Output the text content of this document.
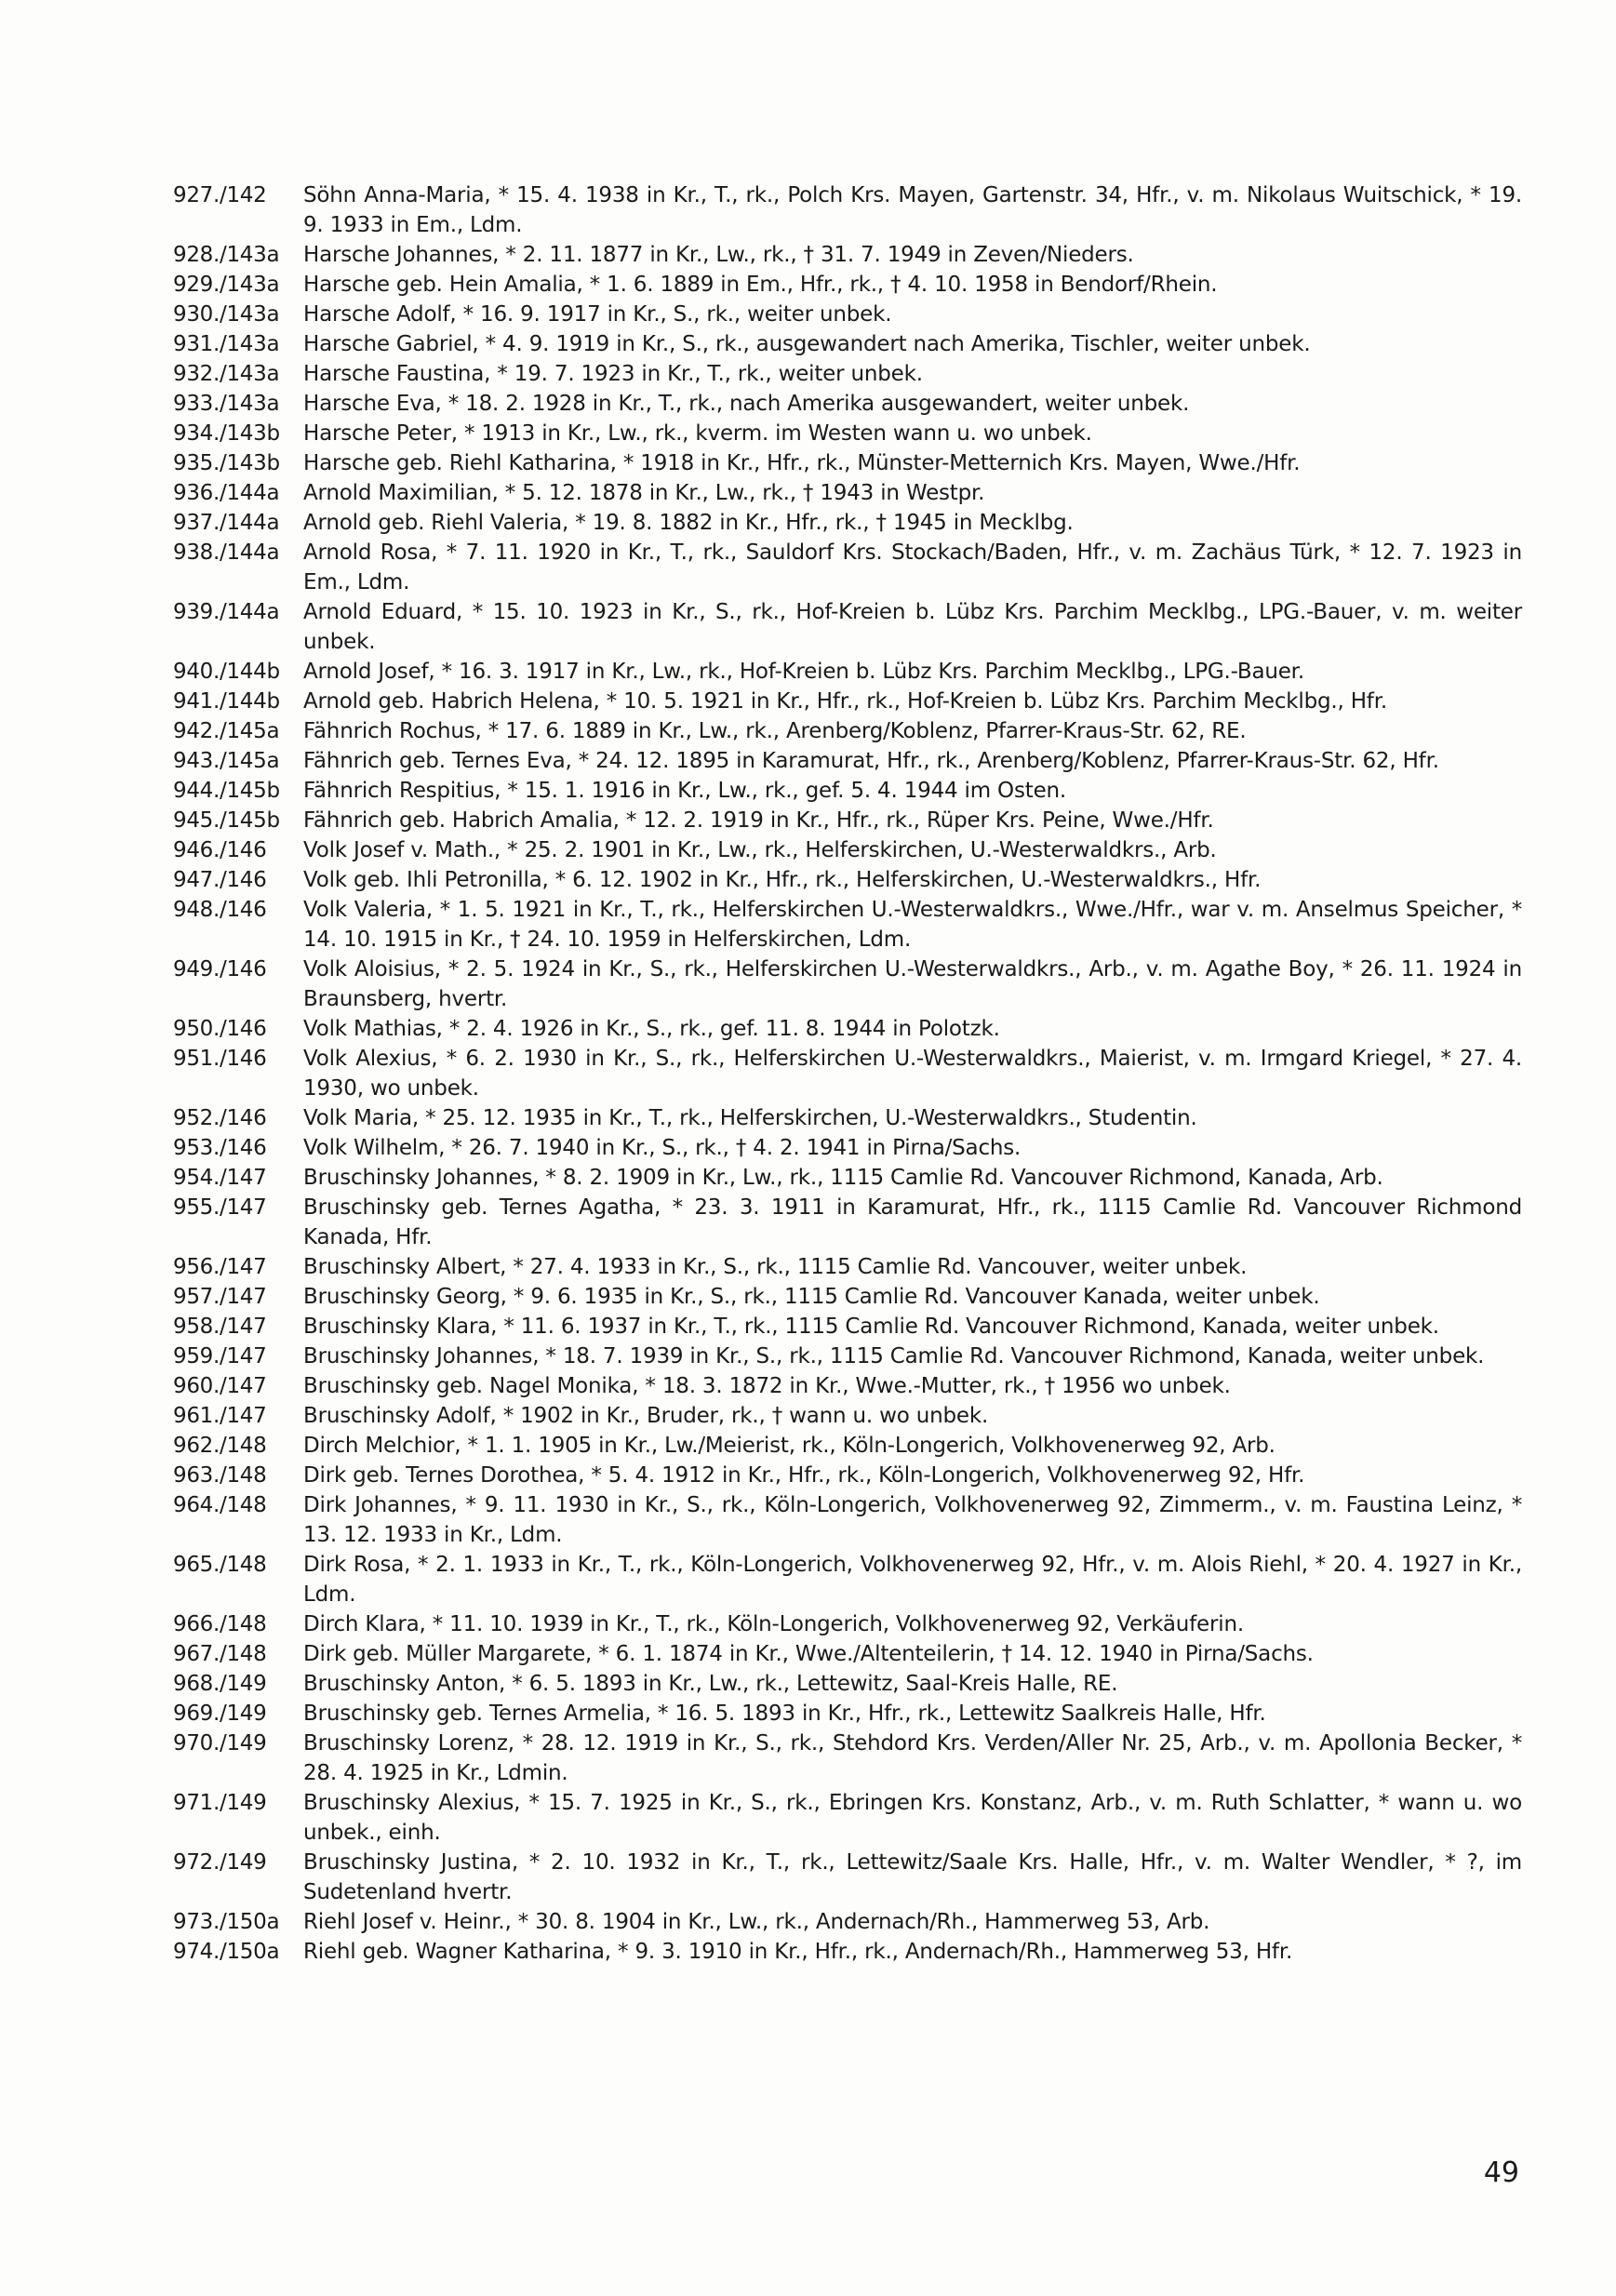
927./142	Söhn Anna-Maria, * 15. 4. 1938 in Kr., T., rk., Polch Krs. Mayen, Gartenstr. 34, Hfr., v. m. Nikolaus Wuitschick, * 19. 9. 1933 in Em., Ldm.
928./143a	Harsche Johannes, * 2. 11. 1877 in Kr., Lw., rk., † 31. 7. 1949 in Zeven/Nieders.
929./143a	Harsche geb. Hein Amalia, * 1. 6. 1889 in Em., Hfr., rk., † 4. 10. 1958 in Bendorf/Rhein.
930./143a	Harsche Adolf, * 16. 9. 1917 in Kr., S., rk., weiter unbek.
931./143a	Harsche Gabriel, * 4. 9. 1919 in Kr., S., rk., ausgewandert nach Amerika, Tischler, weiter unbek.
932./143a	Harsche Faustina, * 19. 7. 1923 in Kr., T., rk., weiter unbek.
933./143a	Harsche Eva, * 18. 2. 1928 in Kr., T., rk., nach Amerika ausgewandert, weiter unbek.
934./143b	Harsche Peter, * 1913 in Kr., Lw., rk., kverm. im Westen wann u. wo unbek.
935./143b	Harsche geb. Riehl Katharina, * 1918 in Kr., Hfr., rk., Münster-Metternich Krs. Mayen, Wwe./Hfr.
936./144a	Arnold Maximilian, * 5. 12. 1878 in Kr., Lw., rk., † 1943 in Westpr.
937./144a	Arnold geb. Riehl Valeria, * 19. 8. 1882 in Kr., Hfr., rk., † 1945 in Mecklbg.
938./144a	Arnold Rosa, * 7. 11. 1920 in Kr., T., rk., Sauldorf Krs. Stockach/Baden, Hfr., v. m. Zachäus Türk, * 12. 7. 1923 in Em., Ldm.
939./144a	Arnold Eduard, * 15. 10. 1923 in Kr., S., rk., Hof-Kreien b. Lübz Krs. Parchim Mecklbg., LPG.-Bauer, v. m. weiter unbek.
940./144b	Arnold Josef, * 16. 3. 1917 in Kr., Lw., rk., Hof-Kreien b. Lübz Krs. Parchim Mecklbg., LPG.-Bauer.
941./144b	Arnold geb. Habrich Helena, * 10. 5. 1921 in Kr., Hfr., rk., Hof-Kreien b. Lübz Krs. Parchim Mecklbg., Hfr.
942./145a	Fähnrich Rochus, * 17. 6. 1889 in Kr., Lw., rk., Arenberg/Koblenz, Pfarrer-Kraus-Str. 62, RE.
943./145a	Fähnrich geb. Ternes Eva, * 24. 12. 1895 in Karamurat, Hfr., rk., Arenberg/Koblenz, Pfarrer-Kraus-Str. 62, Hfr.
944./145b	Fähnrich Respitius, * 15. 1. 1916 in Kr., Lw., rk., gef. 5. 4. 1944 im Osten.
945./145b	Fähnrich geb. Habrich Amalia, * 12. 2. 1919 in Kr., Hfr., rk., Rüper Krs. Peine, Wwe./Hfr.
946./146	Volk Josef v. Math., * 25. 2. 1901 in Kr., Lw., rk., Helferskirchen, U.-Westerwaldkrs., Arb.
947./146	Volk geb. Ihli Petronilla, * 6. 12. 1902 in Kr., Hfr., rk., Helferskirchen, U.-Westerwaldkrs., Hfr.
948./146	Volk Valeria, * 1. 5. 1921 in Kr., T., rk., Helferskirchen U.-Westerwaldkrs., Wwe./Hfr., war v. m. Anselmus Speicher, * 14. 10. 1915 in Kr., † 24. 10. 1959 in Helferskirchen, Ldm.
949./146	Volk Aloisius, * 2. 5. 1924 in Kr., S., rk., Helferskirchen U.-Westerwaldkrs., Arb., v. m. Agathe Boy, * 26. 11. 1924 in Braunsberg, hvertr.
950./146	Volk Mathias, * 2. 4. 1926 in Kr., S., rk., gef. 11. 8. 1944 in Polotzk.
951./146	Volk Alexius, * 6. 2. 1930 in Kr., S., rk., Helferskirchen U.-Westerwaldkrs., Maierist, v. m. Irmgard Kriegel, * 27. 4. 1930, wo unbek.
952./146	Volk Maria, * 25. 12. 1935 in Kr., T., rk., Helferskirchen, U.-Westerwaldkrs., Studentin.
953./146	Volk Wilhelm, * 26. 7. 1940 in Kr., S., rk., † 4. 2. 1941 in Pirna/Sachs.
954./147	Bruschinsky Johannes, * 8. 2. 1909 in Kr., Lw., rk., 1115 Camlie Rd. Vancouver Richmond, Kanada, Arb.
955./147	Bruschinsky geb. Ternes Agatha, * 23. 3. 1911 in Karamurat, Hfr., rk., 1115 Camlie Rd. Vancouver Richmond Kanada, Hfr.
956./147	Bruschinsky Albert, * 27. 4. 1933 in Kr., S., rk., 1115 Camlie Rd. Vancouver, weiter unbek.
957./147	Bruschinsky Georg, * 9. 6. 1935 in Kr., S., rk., 1115 Camlie Rd. Vancouver Kanada, weiter unbek.
958./147	Bruschinsky Klara, * 11. 6. 1937 in Kr., T., rk., 1115 Camlie Rd. Vancouver Richmond, Kanada, weiter unbek.
959./147	Bruschinsky Johannes, * 18. 7. 1939 in Kr., S., rk., 1115 Camlie Rd. Vancouver Richmond, Kanada, weiter unbek.
960./147	Bruschinsky geb. Nagel Monika, * 18. 3. 1872 in Kr., Wwe.-Mutter, rk., † 1956 wo unbek.
961./147	Bruschinsky Adolf, * 1902 in Kr., Bruder, rk., † wann u. wo unbek.
962./148	Dirch Melchior, * 1. 1. 1905 in Kr., Lw./Meierist, rk., Köln-Longerich, Volkhovenerweg 92, Arb.
963./148	Dirk geb. Ternes Dorothea, * 5. 4. 1912 in Kr., Hfr., rk., Köln-Longerich, Volkhovenerweg 92, Hfr.
964./148	Dirk Johannes, * 9. 11. 1930 in Kr., S., rk., Köln-Longerich, Volkhovenerweg 92, Zimmerm., v. m. Faustina Leinz, * 13. 12. 1933 in Kr., Ldm.
965./148	Dirk Rosa, * 2. 1. 1933 in Kr., T., rk., Köln-Longerich, Volkhovenerweg 92, Hfr., v. m. Alois Riehl, * 20. 4. 1927 in Kr., Ldm.
966./148	Dirch Klara, * 11. 10. 1939 in Kr., T., rk., Köln-Longerich, Volkhovenerweg 92, Verkäuferin.
967./148	Dirk geb. Müller Margarete, * 6. 1. 1874 in Kr., Wwe./Altenteilerin, † 14. 12. 1940 in Pirna/Sachs.
968./149	Bruschinsky Anton, * 6. 5. 1893 in Kr., Lw., rk., Lettewitz, Saal-Kreis Halle, RE.
969./149	Bruschinsky geb. Ternes Armelia, * 16. 5. 1893 in Kr., Hfr., rk., Lettewitz Saalkreis Halle, Hfr.
970./149	Bruschinsky Lorenz, * 28. 12. 1919 in Kr., S., rk., Stehdord Krs. Verden/Aller Nr. 25, Arb., v. m. Apollonia Becker, * 28. 4. 1925 in Kr., Ldmin.
971./149	Bruschinsky Alexius, * 15. 7. 1925 in Kr., S., rk., Ebringen Krs. Konstanz, Arb., v. m. Ruth Schlatter, * wann u. wo unbek., einh.
972./149	Bruschinsky Justina, * 2. 10. 1932 in Kr., T., rk., Lettewitz/Saale Krs. Halle, Hfr., v. m. Walter Wendler, * ?, im Sudetenland hvertr.
973./150a	Riehl Josef v. Heinr., * 30. 8. 1904 in Kr., Lw., rk., Andernach/Rh., Hammerweg 53, Arb.
974./150a	Riehl geb. Wagner Katharina, * 9. 3. 1910 in Kr., Hfr., rk., Andernach/Rh., Hammerweg 53, Hfr.
49
